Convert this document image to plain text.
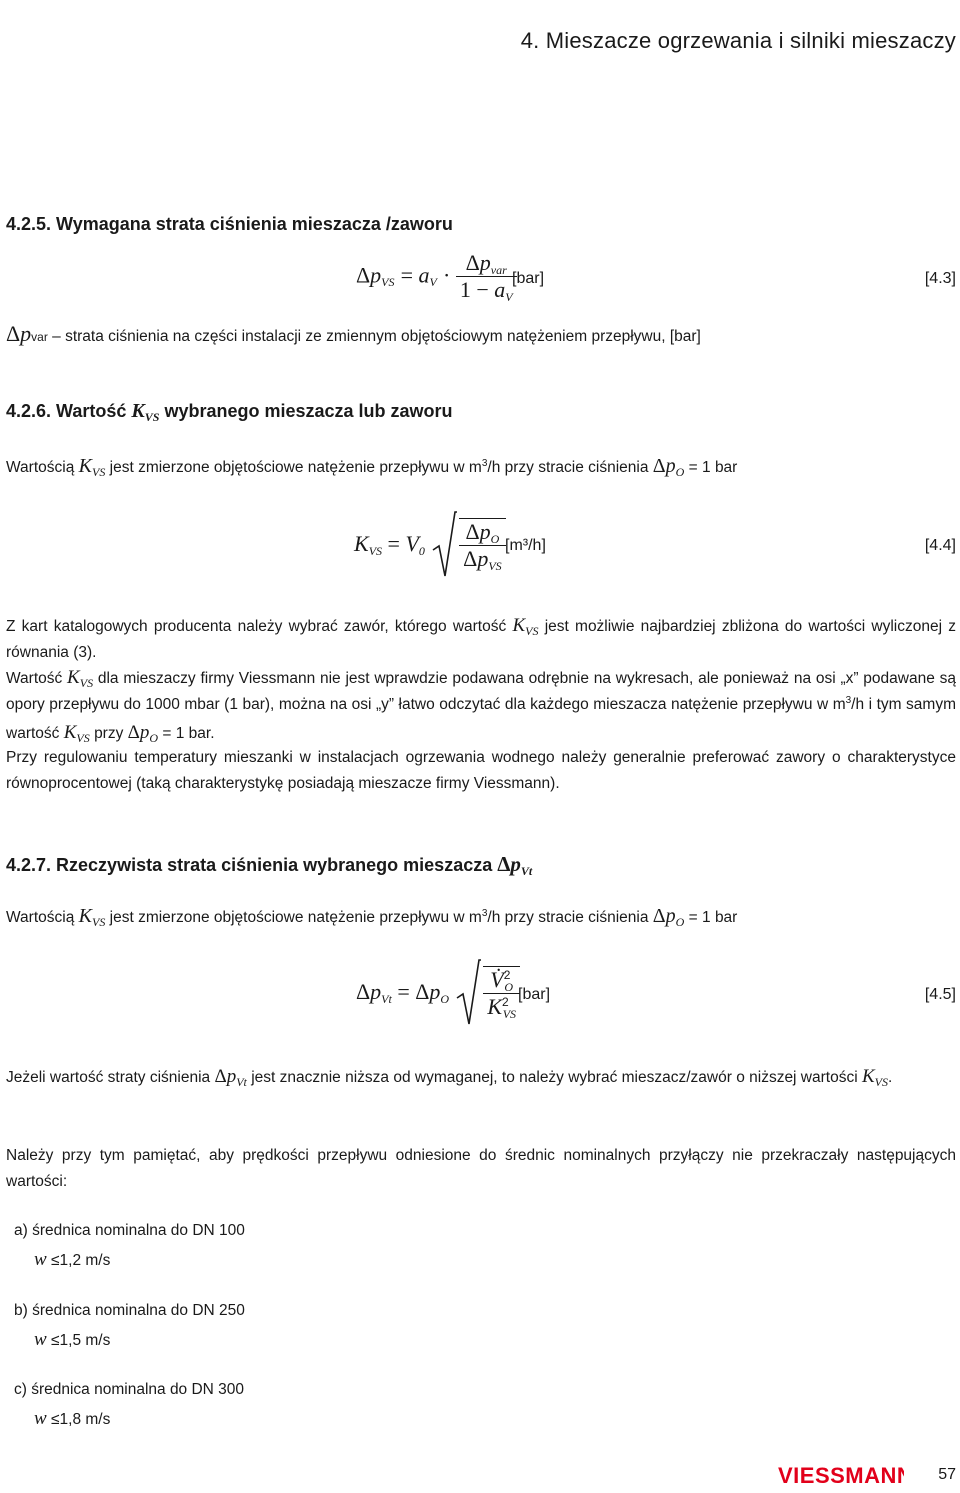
4. Mieszacze ogrzewania i silniki mieszaczy
4.2.5. Wymagana strata ciśnienia mieszacza /zaworu
ΔpVS = aV · $\frac{\text{Δpvar}}{1 - aV}$
[bar]	[4.3]
Δpvar – strata ciśnienia na części instalacji ze zmiennym objętościowym natężeniem przepływu, [bar]
4.2.6. Wartość $K_{VS}$ wybranego mieszacza lub zaworu
Wartością $K_{VS}$ jest zmierzone objętościowe natężenie przepływu w $m^3/h$ przy stracie ciśnienia $\Delta p_O = 1$ bar
KVS = $V0 \frac{\text{ΔpO}}{\text{ΔpVS}} [m^3/h]$	[4.4]
Z kart katalogowych producenta należy wybrać zawór, którego wartość $K_{VS}$ jest możliwie najbardziej zbliżona do wartości wyliczonej z równania (3).
Wartość $K_{VS}$ dla mieszaczy firmy Viessmann nie jest wprawdzie podawana odrębnie na wykresach, ale ponieważ na osi „x” podawane są opory przepływu do 1000 mbar (1 bar), można na osi „y” łatwo odczytać dla każdego mieszacza natężenie przepływu w $m^3/h$ i tym samym wartość $K_{VS}$ przy $\Delta p_O = 1$ bar.
Przy regulowaniu temperatury mieszanki w instalacjach ogrzewania wodnego należy generalnie preferować zawory o charakterystyce równoprocentowej (taką charakterystykę posiadają mieszacze firmy Viessmann).
4.2.7. Rzeczywista strata ciśnienia wybranego mieszacza $\Delta p_{Vt}$
Wartością $K_{VS}$ jest zmierzone objętościowe natężenie przepływu w $m^3/h$ przy stracie ciśnienia $\Delta p_O = 1$ bar
ΔpVt = ΔpO $\frac{V̇^2O}{K^2VS}$
[bar]	[4.5]
Jeżeli wartość straty ciśnienia $\Delta p_{Vt}$ jest znacznie niższa od wymaganej, to należy wybrać mieszacz/zawór o niższej wartości $K_{VS}$.
Należy przy tym pamiętać, aby prędkości przepływu odniesione do średnic nominalnych przyłączy nie przekraczały następujących wartości:
a) średnica nominalna do DN 100
w ≤1,2 m/s
b) średnica nominalna do DN 250
w ≤1,5 m/s
c) średnica nominalna do DN 300
w ≤1,8 m/s
VIESSMANN 57
